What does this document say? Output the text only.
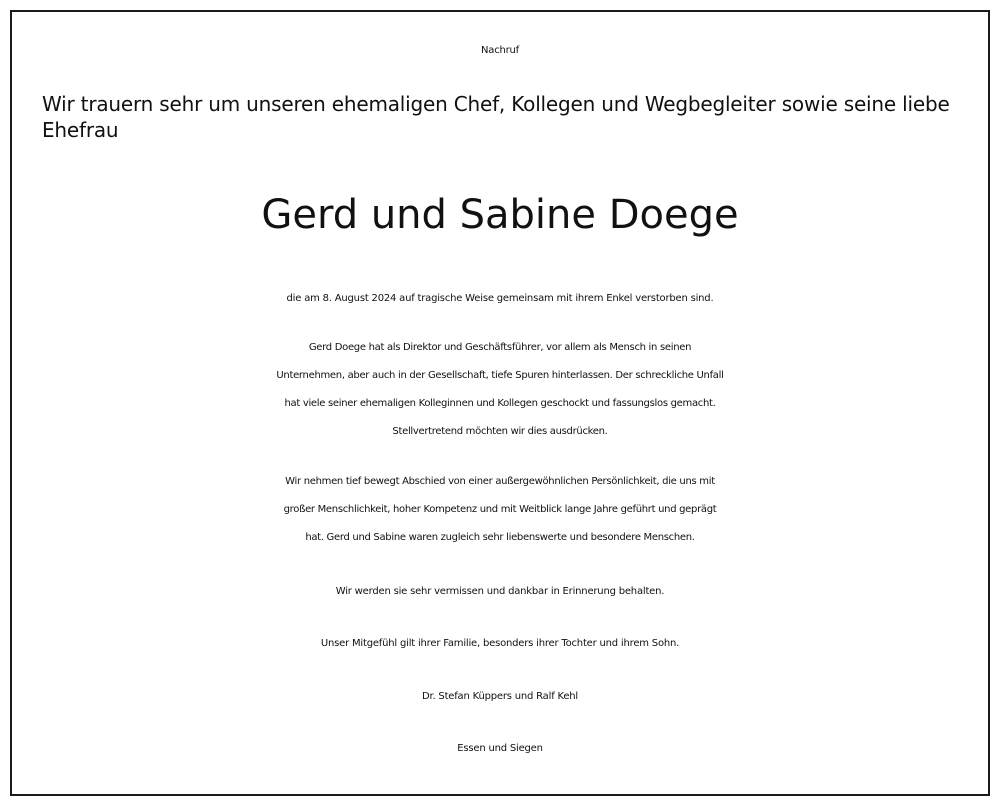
Nachruf
Wir trauern sehr um unseren ehemaligen Chef, Kollegen und Wegbegleiter sowie seine liebe
Ehefrau
Gerd und Sabine Doege
die am 8. August 2024 auf tragische Weise gemeinsam mit ihrem Enkel verstorben sind.
Gerd Doege hat als Direktor und Geschäftsführer, vor allem als Mensch in seinen
Unternehmen, aber auch in der Gesellschaft, tiefe Spuren hinterlassen. Der schreckliche Unfall
hat viele seiner ehemaligen Kolleginnen und Kollegen geschockt und fassungslos gemacht.
Stellvertretend möchten wir dies ausdrücken.
Wir nehmen tief bewegt Abschied von einer außergewöhnlichen Persönlichkeit, die uns mit
großer Menschlichkeit, hoher Kompetenz und mit Weitblick lange Jahre geführt und geprägt
hat. Gerd und Sabine waren zugleich sehr liebenswerte und besondere Menschen.
Wir werden sie sehr vermissen und dankbar in Erinnerung behalten.
Unser Mitgefühl gilt ihrer Familie, besonders ihrer Tochter und ihrem Sohn.
Dr. Stefan Küppers und Ralf Kehl
Essen und Siegen
